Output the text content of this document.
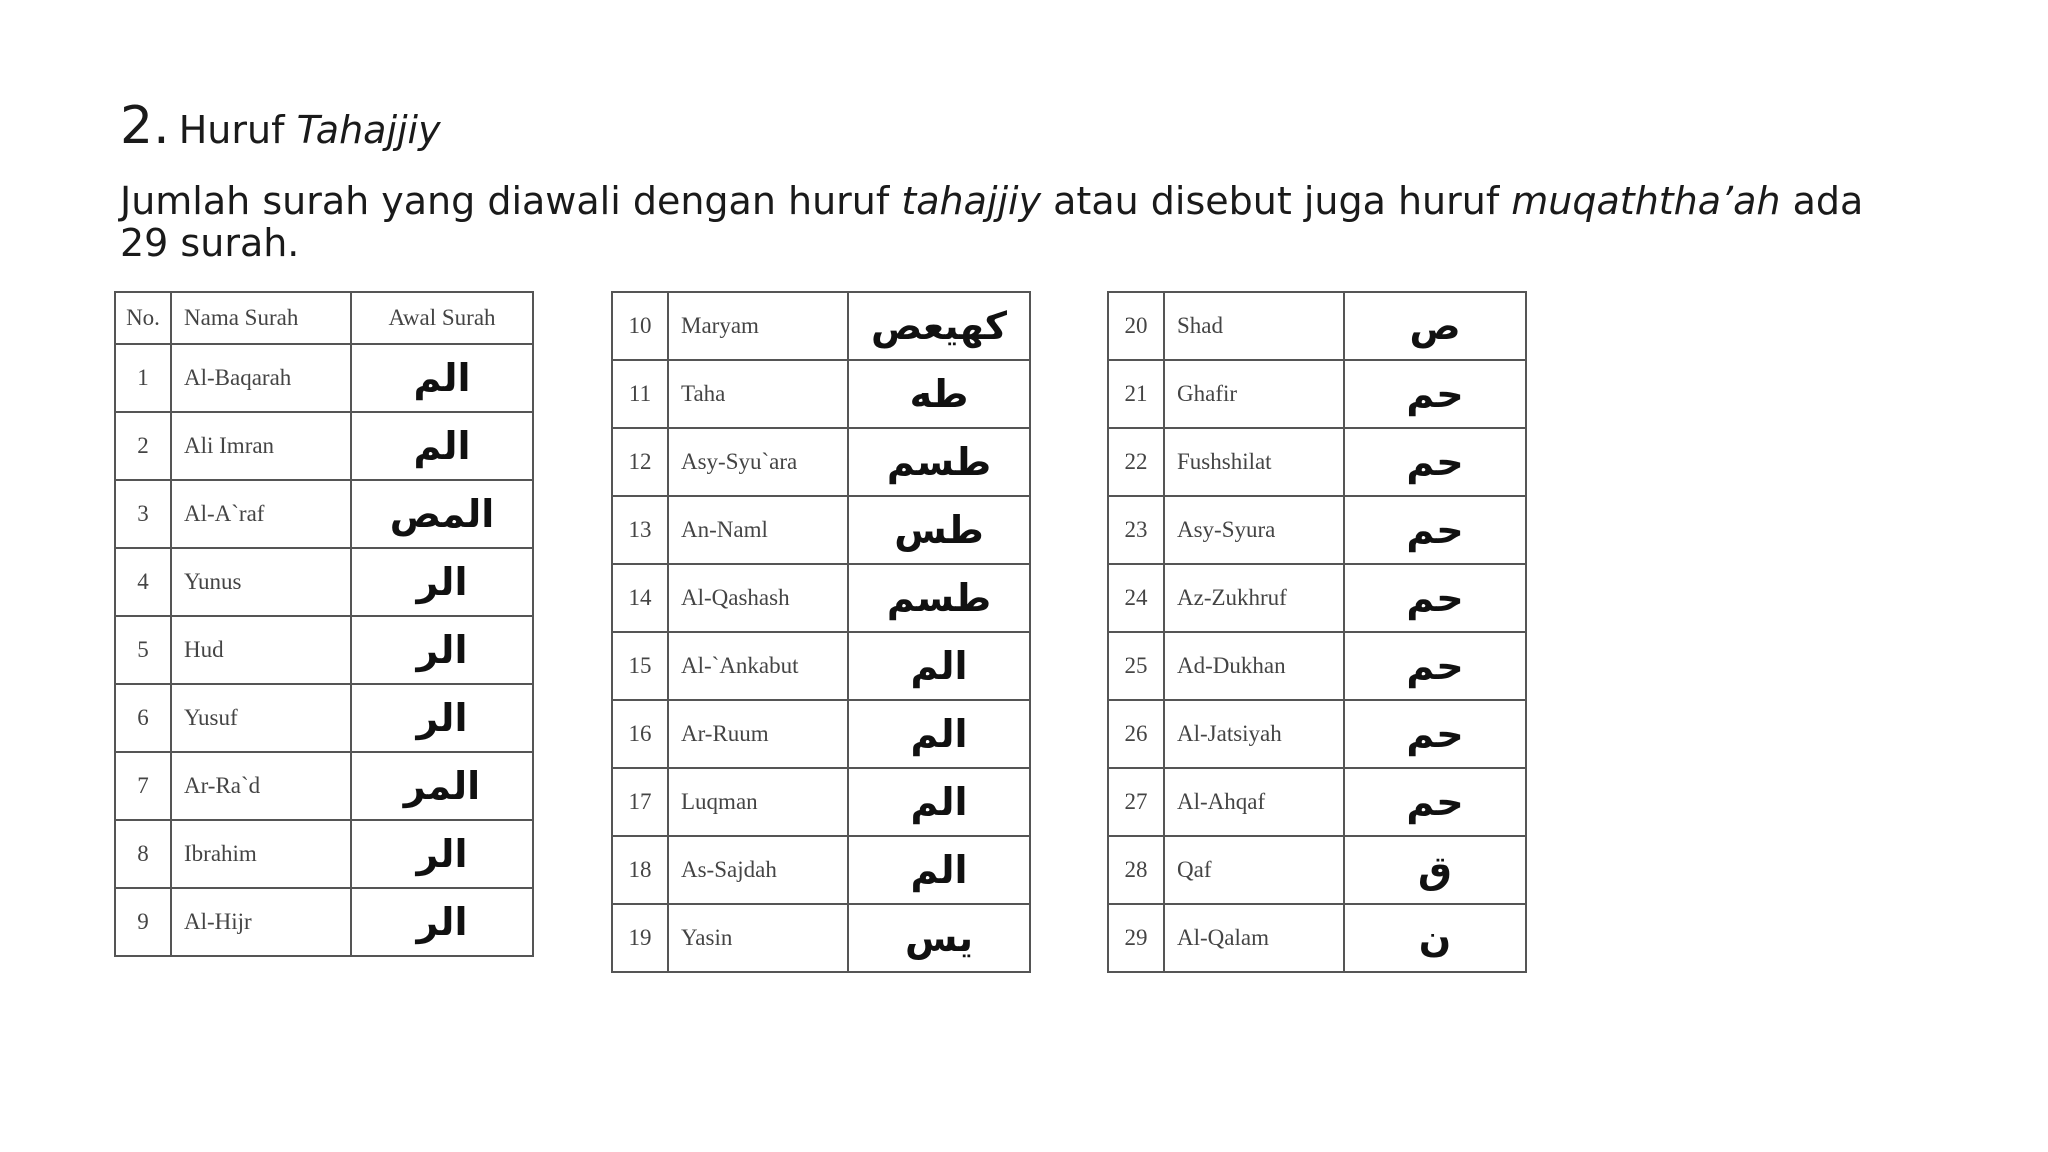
2. Huruf Tahajjiy
Jumlah surah yang diawali dengan huruf tahajjiy atau disebut juga huruf muqaththa’ah ada 29 surah.
No.	Nama Surah	Awal Surah
1	Al-Baqarah	الم
2	Ali Imran	الم
3	Al-A`raf	المص
4	Yunus	الر
5	Hud	الر
6	Yusuf	الر
7	Ar-Ra`d	المر
8	Ibrahim	الر
9	Al-Hijr	الر
10	Maryam	كهيعص
11	Taha	طه
12	Asy-Syu`ara	طسم
13	An-Naml	طس
14	Al-Qashash	طسم
15	Al-`Ankabut	الم
16	Ar-Ruum	الم
17	Luqman	الم
18	As-Sajdah	الم
19	Yasin	يس
20	Shad	ص
21	Ghafir	حم
22	Fushshilat	حم
23	Asy-Syura	حم
24	Az-Zukhruf	حم
25	Ad-Dukhan	حم
26	Al-Jatsiyah	حم
27	Al-Ahqaf	حم
28	Qaf	ق
29	Al-Qalam	ن
